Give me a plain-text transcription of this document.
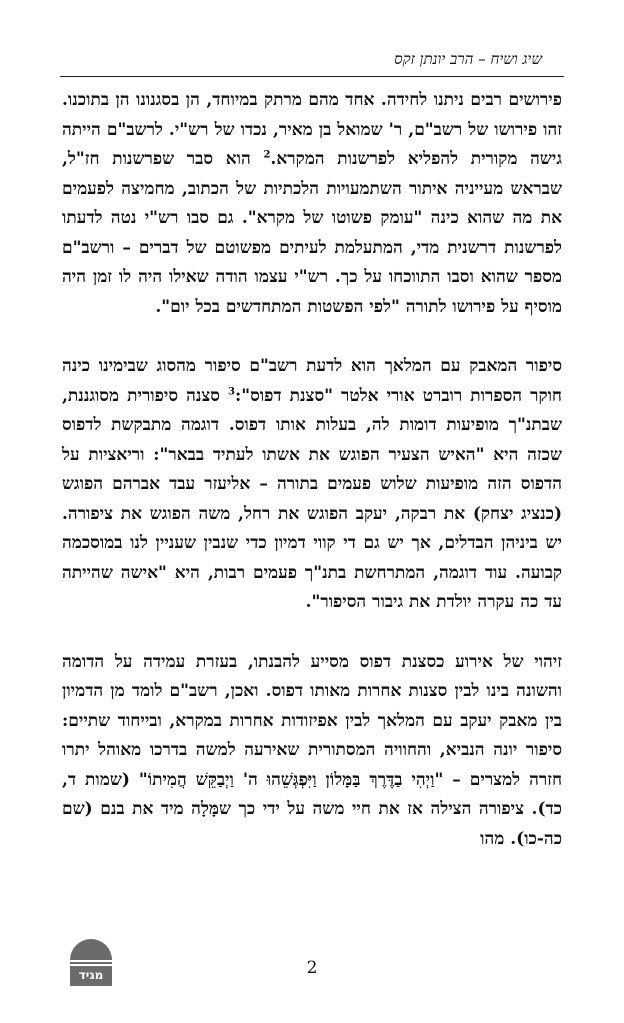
שיג ושיח – הרב יונתן זקס

פירושים רבים ניתנו לחידה. אחד מהם מרתק במיוחד, הן בסגנונו הן בתוכנו. זהו פירושו של רשב"ם, ר' שמואל בן מאיר, נכדו של רש"י. לרשב"ם הייתה גישה מקורית להפליא לפרשנות המקרא.$^2$ הוא סבר שפרשנות חז"ל, שבראש מעייניה איתור השתמעויות הלכתיות של הכתוב, מחמיצה לפעמים את מה שהוא כינה "עומק פשוטו של מקרא". גם סבו רש"י נטה לדעתו לפרשנות דרשנית מדי, המתעלמת לעיתים מפשוטם של דברים – ורשב"ם מספר שהוא וסבו התווכחו על כך. רש"י עצמו הודה שאילו היה לו זמן היה מוסיף על פירושו לתורה "לפי הפשטות המתחדשים בכל יום".

סיפור המאבק עם המלאך הוא לדעת רשב"ם סיפור מהסוג שבימינו כינה חוקר הספרות רוברט אורי אלטר "סצנת דפוס":$^3$ סצנה סיפורית מסוגננת, שבתנ"ך מופיעות דומות לה, בעלות אותו דפוס. דוגמה מתבקשת לדפוס שכזה היא "האיש הצעיר הפוגש את אשתו לעתיד בבאר": וריאציות על הדפוס הזה מופיעות שלוש פעמים בתורה – אליעזר עבד אברהם הפוגש (כנציג יצחק) את רבקה, יעקב הפוגש את רחל, משה הפוגש את ציפורה. יש ביניהן הבדלים, אך יש גם די קווי דמיון כדי שנבין שעניין לנו במוסכמה קבועה. עוד דוגמה, המתרחשת בתנ"ך פעמים רבות, היא "אישה שהייתה עד כה עקרה יולדת את גיבור הסיפור".

זיהוי של אירוע כסצנת דפוס מסייע להבנתו, בעזרת עמידה על הדומה והשונה בינו לבין סצנות אחרות מאותו דפוס. ואכן, רשב"ם לומד מן הדמיון בין מאבק יעקב עם המלאך לבין אפיזודות אחרות במקרא, ובייחוד שתיים: סיפור יונה הנביא, והחוויה המסתורית שאירעה למשה בדרכו מאוהל יתרו חזרה למצרים – "וַיְהִי בַדֶּרֶךְ בַּמָּלוֹן וַיִּפְגְּשֵׁהוּ ה' וַיְבַקֵּשׁ הֲמִיתוֹ" (שמות ד, כד). ציפורה הצילה אז את חיי משה על ידי כך שמָּלָה מיד את בנם (שם כה-כו). מהו

2
מגיד
